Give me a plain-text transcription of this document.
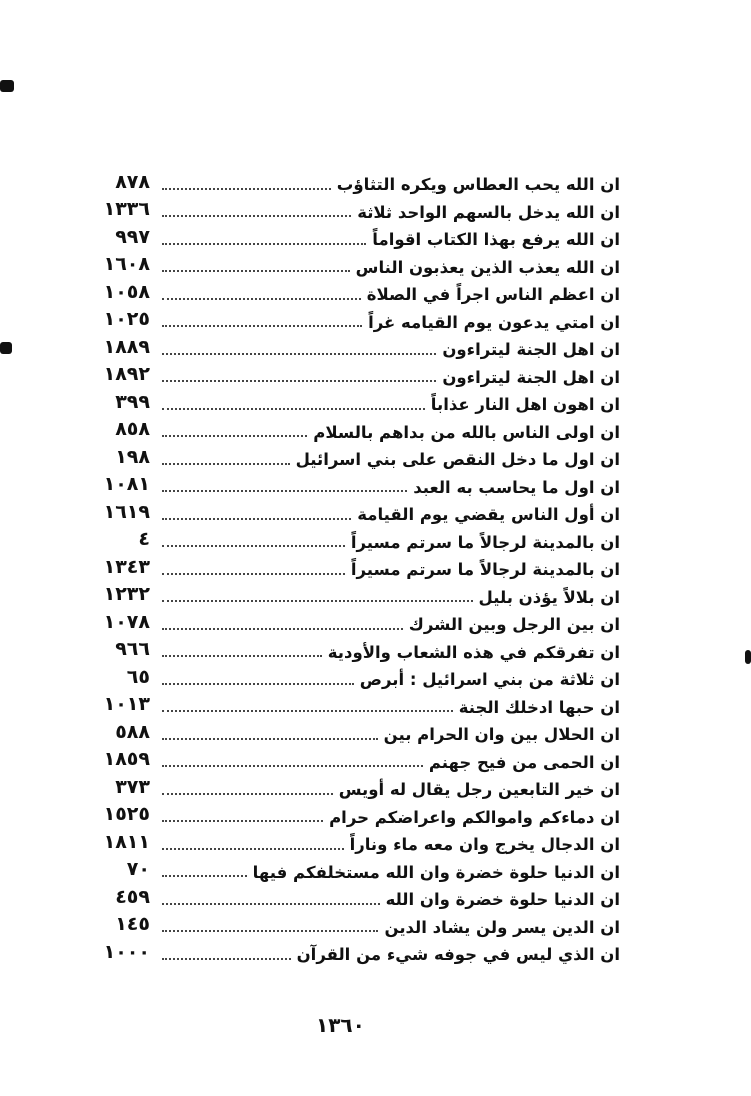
٨٧٨	ان الله يحب العطاس ويكره التثاؤب
١٣٣٦	ان الله يدخل بالسهم الواحد ثلاثة
٩٩٧	ان الله يرفع بهذا الكتاب اقواماً
١٦٠٨	ان الله يعذب الذين يعذبون الناس
١٠٥٨	ان اعظم الناس اجراً في الصلاة
١٠٢٥	ان امتي يدعون يوم القيامه غراً
١٨٨٩	ان اهل الجنة ليتراءون
١٨٩٢	ان اهل الجنة ليتراءون
٣٩٩	ان اهون اهل النار عذاباً
٨٥٨	ان اولى الناس بالله من بداهم بالسلام
١٩٨	ان اول ما دخل النقص على بني اسرائيل
١٠٨١	ان اول ما يحاسب به العبد
١٦١٩	ان أول الناس يقضي يوم القيامة
٤	ان بالمدينة لرجالاً ما سرتم مسيراً
١٣٤٣	ان بالمدينة لرجالاً ما سرتم مسيراً
١٢٣٢	ان بلالاً يؤذن بليل
١٠٧٨	ان بين الرجل وبين الشرك
٩٦٦	ان تفرقكم في هذه الشعاب والأودية
٦٥	ان ثلاثة من بني اسرائيل : أبرص
١٠١٣	ان حبها ادخلك الجنة
٥٨٨	ان الحلال بين وان الحرام بين
١٨٥٩	ان الحمى من فيح جهنم
٣٧٣	ان خير التابعين رجل يقال له أويس
١٥٢٥	ان دماءكم واموالكم واعراضكم حرام
١٨١١	ان الدجال يخرج وان معه ماء وناراً
٧٠	ان الدنيا حلوة خضرة وان الله مستخلفكم فيها
٤٥٩	ان الدنيا حلوة خضرة وان الله
١٤٥	ان الدين يسر ولن يشاد الدين
١٠٠٠	ان الذي ليس في جوفه شيء من القرآن
١٣٦٠
